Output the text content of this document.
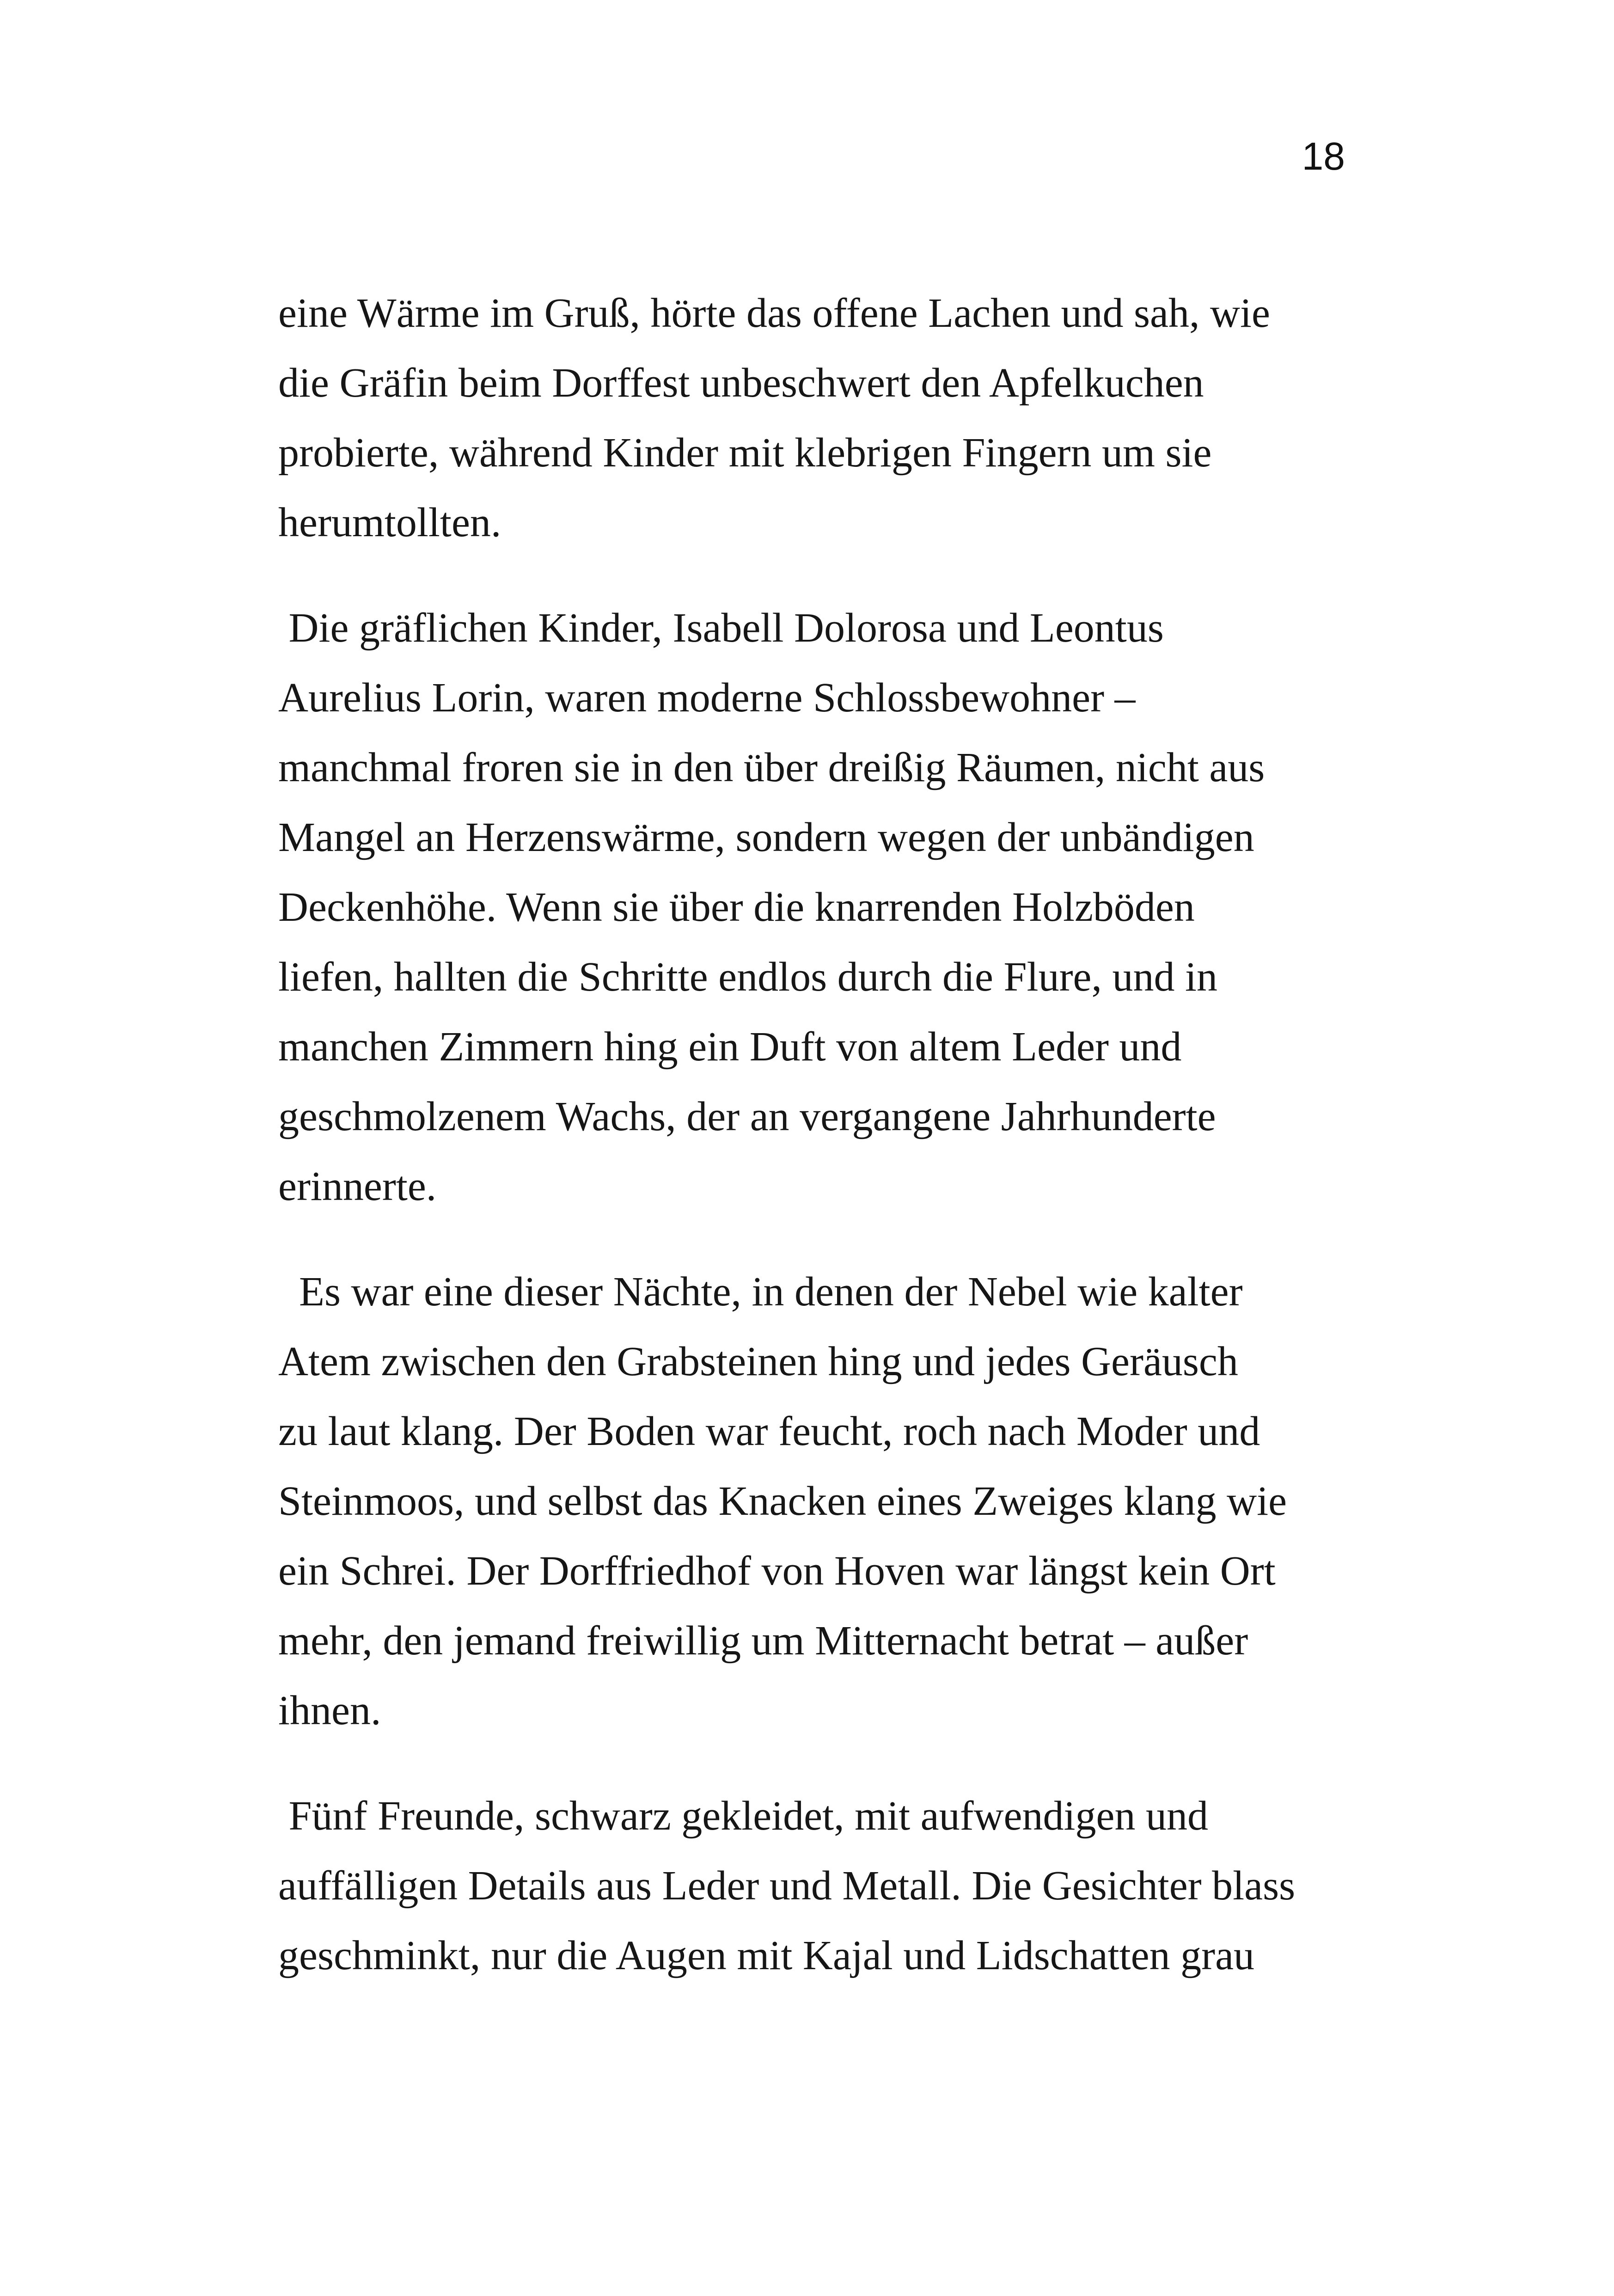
18

eine Wärme im Gruß, hörte das offene Lachen und sah, wie
die Gräfin beim Dorffest unbeschwert den Apfelkuchen
probierte, während Kinder mit klebrigen Fingern um sie
herumtollten.

Die gräflichen Kinder, Isabell Dolorosa und Leontus
Aurelius Lorin, waren moderne Schlossbewohner –
manchmal froren sie in den über dreißig Räumen, nicht aus
Mangel an Herzenswärme, sondern wegen der unbändigen
Deckenhöhe. Wenn sie über die knarrenden Holzböden
liefen, hallten die Schritte endlos durch die Flure, und in
manchen Zimmern hing ein Duft von altem Leder und
geschmolzenem Wachs, der an vergangene Jahrhunderte
erinnerte.

Es war eine dieser Nächte, in denen der Nebel wie kalter
Atem zwischen den Grabsteinen hing und jedes Geräusch
zu laut klang. Der Boden war feucht, roch nach Moder und
Steinmoos, und selbst das Knacken eines Zweiges klang wie
ein Schrei. Der Dorffriedhof von Hoven war längst kein Ort
mehr, den jemand freiwillig um Mitternacht betrat – außer
ihnen.

Fünf Freunde, schwarz gekleidet, mit aufwendigen und
auffälligen Details aus Leder und Metall. Die Gesichter blass
geschminkt, nur die Augen mit Kajal und Lidschatten grau
